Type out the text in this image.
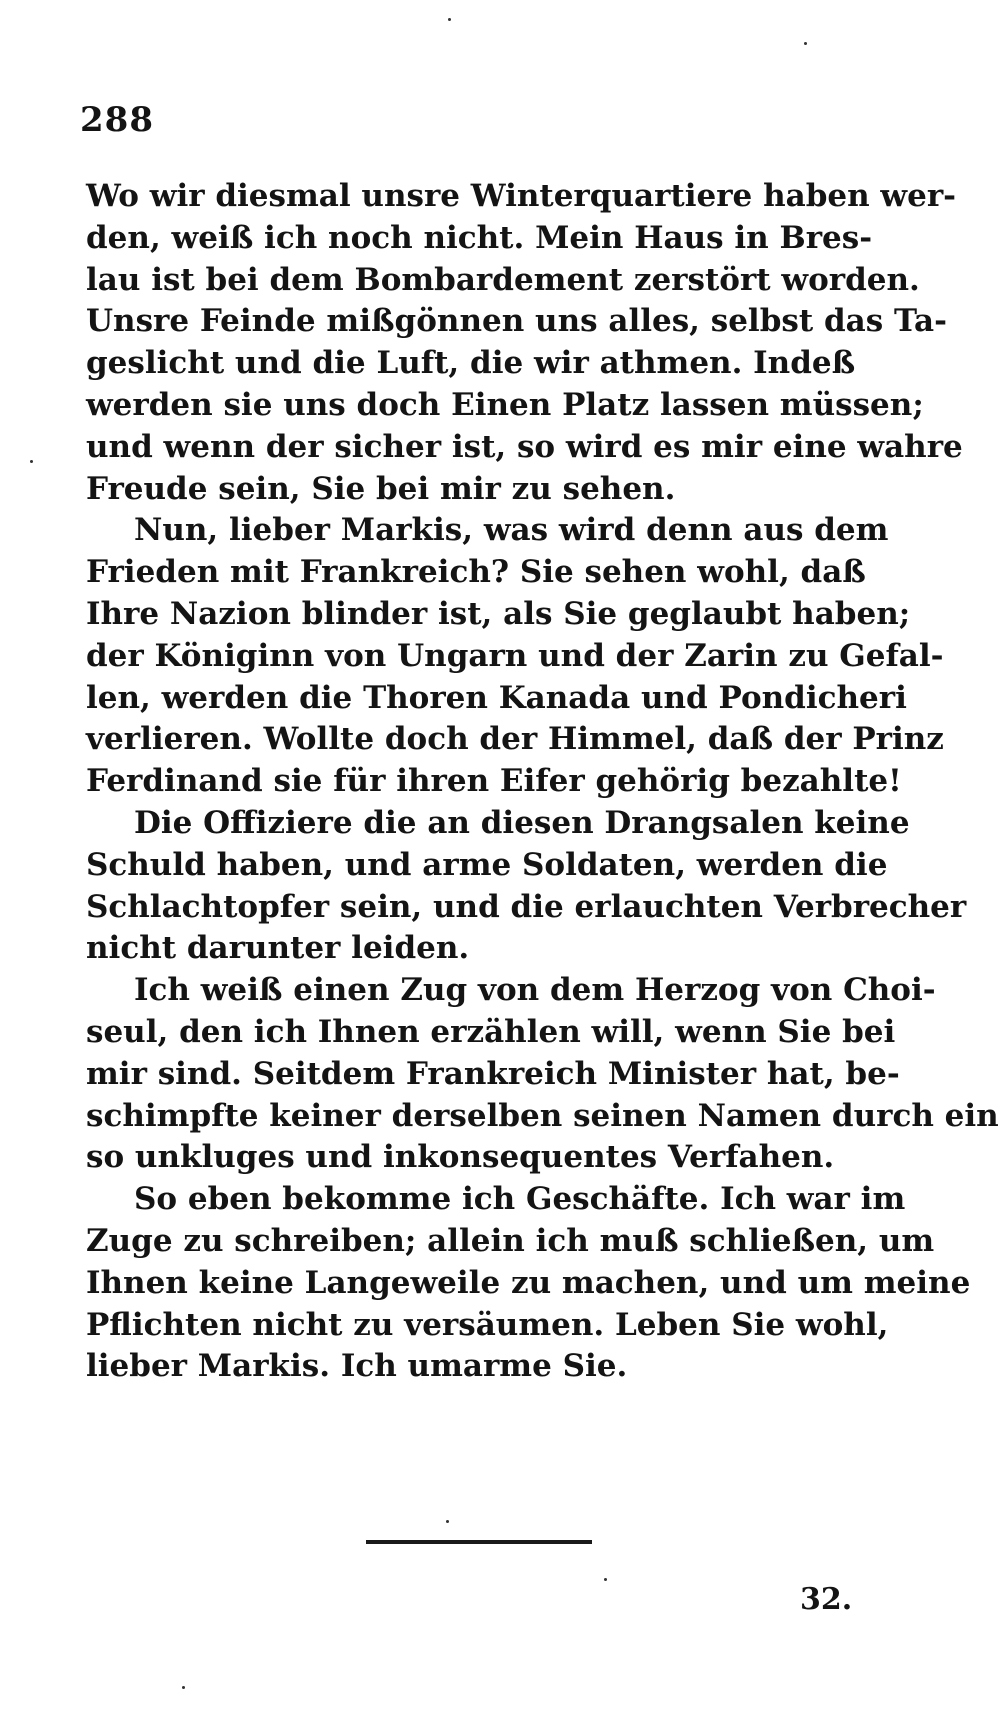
288
Wo wir diesmal unsre Winterquartiere haben wer-
den, weiß ich noch nicht. Mein Haus in Bres-
lau ist bei dem Bombardement zerstört worden.
Unsre Feinde mißgönnen uns alles, selbst das Ta-
geslicht und die Luft, die wir athmen. Indeß
werden sie uns doch Einen Platz lassen müssen;
und wenn der sicher ist, so wird es mir eine wahre
Freude sein, Sie bei mir zu sehen.
Nun, lieber Markis, was wird denn aus dem
Frieden mit Frankreich? Sie sehen wohl, daß
Ihre Nazion blinder ist, als Sie geglaubt haben;
der Königinn von Ungarn und der Zarin zu Gefal-
len, werden die Thoren Kanada und Pondicheri
verlieren. Wollte doch der Himmel, daß der Prinz
Ferdinand sie für ihren Eifer gehörig bezahlte!
Die Offiziere die an diesen Drangsalen keine
Schuld haben, und arme Soldaten, werden die
Schlachtopfer sein, und die erlauchten Verbrecher
nicht darunter leiden.
Ich weiß einen Zug von dem Herzog von Choi-
seul, den ich Ihnen erzählen will, wenn Sie bei
mir sind. Seitdem Frankreich Minister hat, be-
schimpfte keiner derselben seinen Namen durch ein
so unkluges und inkonsequentes Verfahen.
So eben bekomme ich Geschäfte. Ich war im
Zuge zu schreiben; allein ich muß schließen, um
Ihnen keine Langeweile zu machen, und um meine
Pflichten nicht zu versäumen. Leben Sie wohl,
lieber Markis. Ich umarme Sie.
32.
